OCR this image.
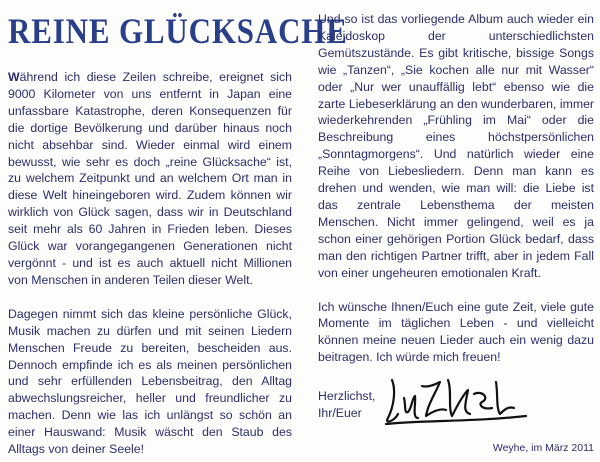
REINE GLÜCKSACHE

Während ich diese Zeilen schreibe, ereignet sich 9000 Kilometer von uns entfernt in Japan eine unfassbare Katastrophe, deren Konsequenzen für die dortige Bevölkerung und darüber hinaus noch nicht absehbar sind. Wieder einmal wird einem bewusst, wie sehr es doch „reine Glücksache“ ist, zu welchem Zeitpunkt und an welchem Ort man in diese Welt hineingeboren wird. Zudem können wir wirklich von Glück sagen, dass wir in Deutschland seit mehr als 60 Jahren in Frieden leben. Dieses Glück war vorangegangenen Generationen nicht vergönnt - und ist es auch aktuell nicht Millionen von Menschen in anderen Teilen dieser Welt.

Dagegen nimmt sich das kleine persönliche Glück, Musik machen zu dürfen und mit seinen Liedern Menschen Freude zu bereiten, bescheiden aus. Dennoch empfinde ich es als meinen persönlichen und sehr erfüllenden Lebensbeitrag, den Alltag abwechslungsreicher, heller und freundlicher zu machen. Denn wie las ich unlängst so schön an einer Hauswand: Musik wäscht den Staub des Alltags von deiner Seele!

Und so ist das vorliegende Album auch wieder ein Kaleidoskop der unterschiedlichsten Gemütszustände. Es gibt kritische, bissige Songs wie „Tanzen“, „Sie kochen alle nur mit Wasser“ oder „Nur wer unauffällig lebt“ ebenso wie die zarte Liebeserklärung an den wunderbaren, immer wiederkehrenden „Frühling im Mai“ oder die Beschreibung eines höchstpersönlichen „Sonntagmorgens“. Und natürlich wieder eine Reihe von Liebesliedern. Denn man kann es drehen und wenden, wie man will: die Liebe ist das zentrale Lebensthema der meisten Menschen. Nicht immer gelingend, weil es ja schon einer gehörigen Portion Glück bedarf, dass man den richtigen Partner trifft, aber in jedem Fall von einer ungeheuren emotionalen Kraft.

Ich wünsche Ihnen/Euch eine gute Zeit, viele gute Momente im täglichen Leben - und vielleicht können meine neuen Lieder auch ein wenig dazu beitragen. Ich würde mich freuen!

Herzlichst,
Ihr/Euer
Weyhe, im März 2011
